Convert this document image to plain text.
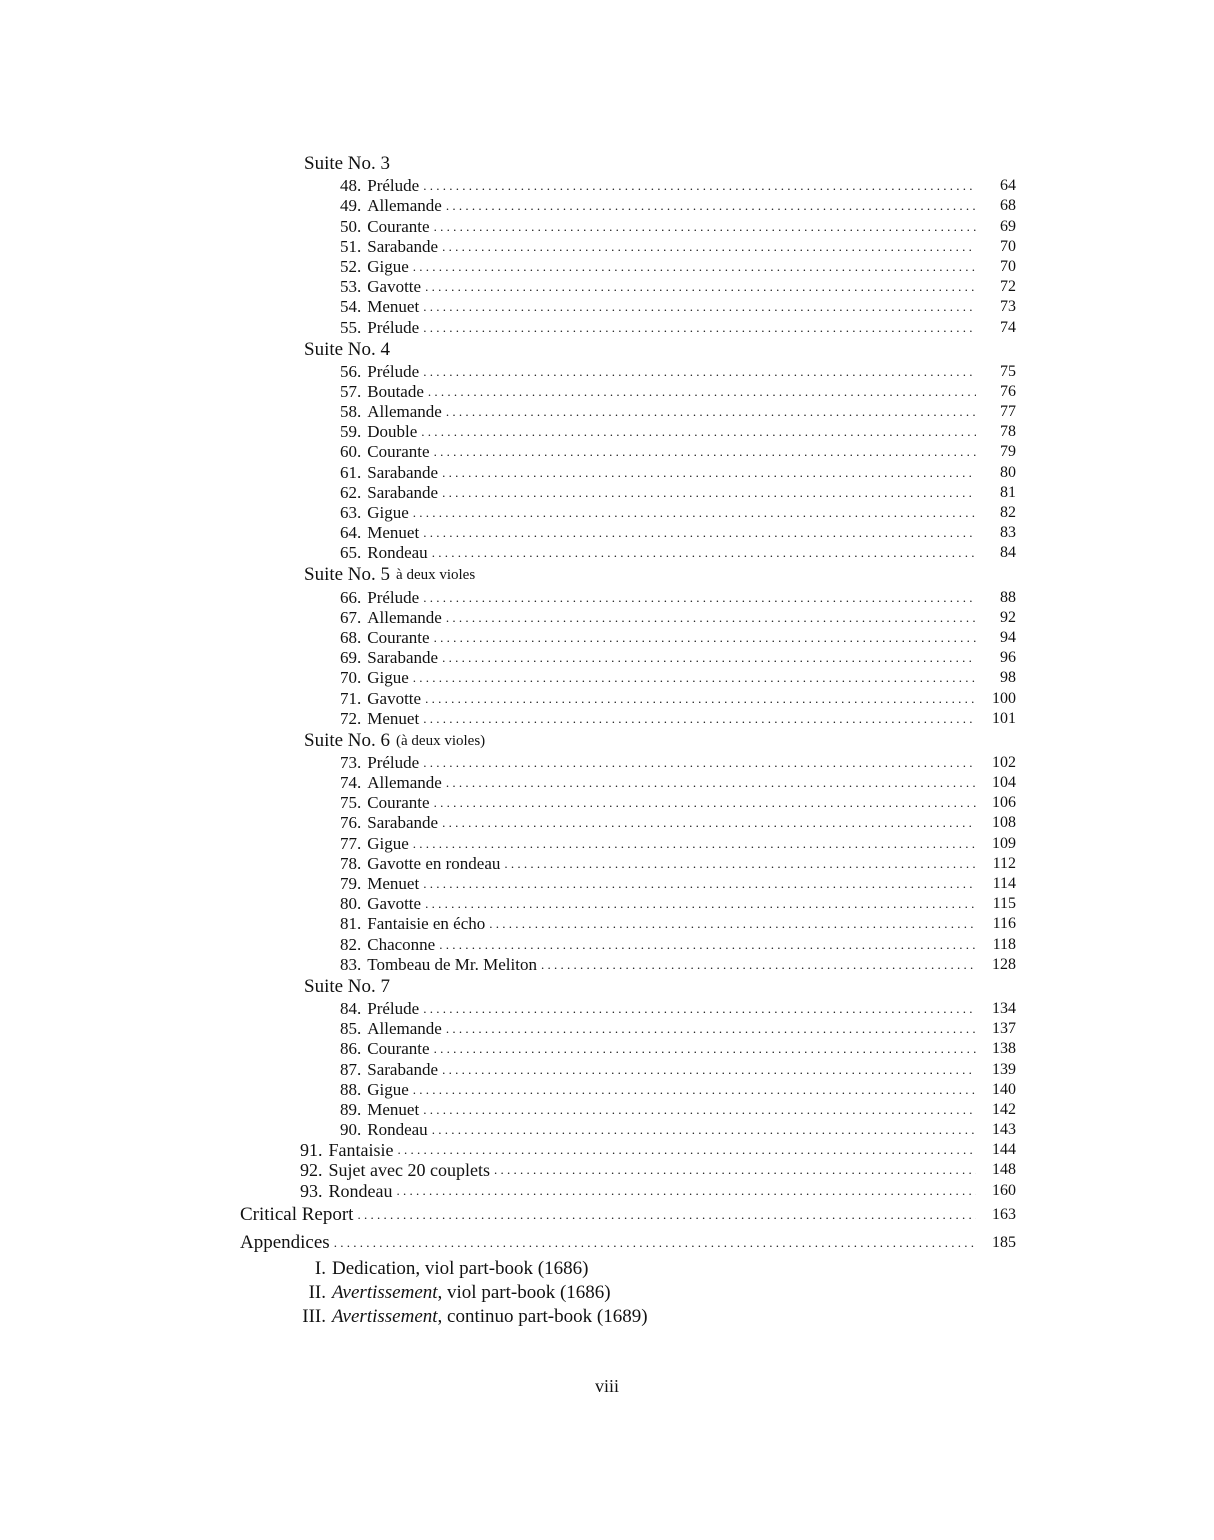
Suite No. 3
48. Prélude . . .	64
49. Allemande . . .	68
50. Courante . . .	69
51. Sarabande . . .	70
52. Gigue . . .	70
53. Gavotte . . .	72
54. Menuet . . .	73
55. Prélude . . .	74
Suite No. 4
56. Prélude . . .	75
57. Boutade . . .	76
58. Allemande . . .	77
59. Double . . .	78
60. Courante . . .	79
61. Sarabande . . .	80
62. Sarabande . . .	81
63. Gigue . . .	82
64. Menuet . . .	83
65. Rondeau . . .	84
Suite No. 5 à deux violes
66. Prélude . . .	88
67. Allemande . . .	92
68. Courante . . .	94
69. Sarabande . . .	96
70. Gigue . . .	98
71. Gavotte . . .	100
72. Menuet . . .	101
Suite No. 6 (à deux violes)
73. Prélude . . .	102
74. Allemande . . .	104
75. Courante . . .	106
76. Sarabande . . .	108
77. Gigue . . .	109
78. Gavotte en rondeau . . .	112
79. Menuet . . .	114
80. Gavotte . . .	115
81. Fantaisie en écho . . .	116
82. Chaconne . . .	118
83. Tombeau de Mr. Meliton . . .	128
Suite No. 7
84. Prélude . . .	134
85. Allemande . . .	137
86. Courante . . .	138
87. Sarabande . . .	139
88. Gigue . . .	140
89. Menuet . . .	142
90. Rondeau . . .	143
91. Fantaisie . . .	144
92. Sujet avec 20 couplets . . .	148
93. Rondeau . . .	160
Critical Report . . .	163
Appendices . . .	185
I. Dedication, viol part-book (1686)
II. Avertissement, viol part-book (1686)
III. Avertissement, continuo part-book (1689)
viii
